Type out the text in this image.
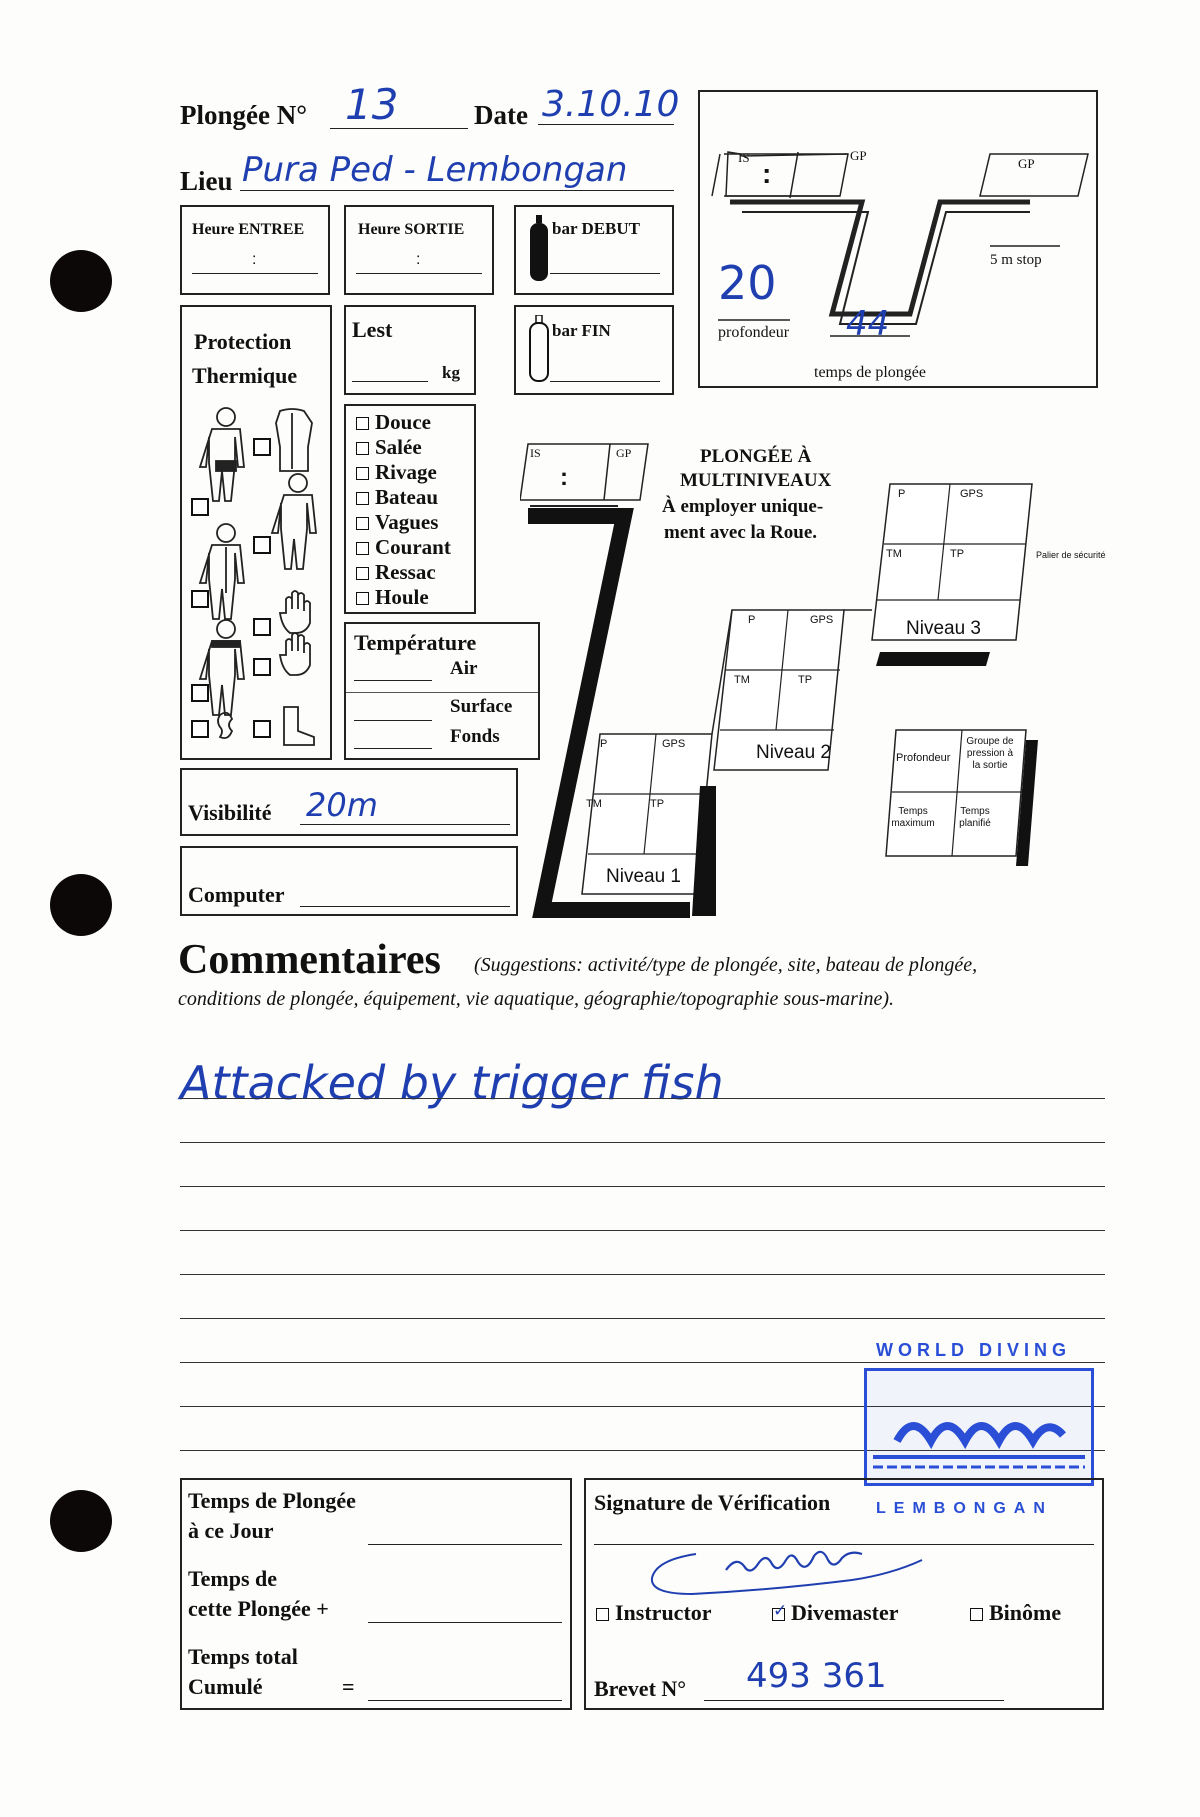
Plongée N° 13	Date 3.10.10
Lieu Pura Ped - Lembongan
Heure ENTREE
:
Heure SORTIE
:
bar DEBUT
IS
:
GP
GP
5 m stop
20
profondeur 44
temps de plongée
Protection
Thermique
Lest
kg
bar FIN
Douce
Salée
Rivage
Bateau
Vagues
Courant
Ressac
Houle
Température
Air
Surface
Fonds
Visibilité 20m
Computer
IS	GP
:
PLONGÉE À
MULTINIVEAUX
À employer unique-
ment avec la Roue.
P	GPS
TM	TP
Niveau 1
P	GPS
TM	TP
Niveau 2
P	GPS
TM	TP
Niveau 3
Palier de sécurité
Profondeur
Groupe de pression à la sortie
Temps maximum
Temps planifié
Commentaires (Suggestions: activité/type de plongée, site, bateau de plongée,
conditions de plongée, équipement, vie aquatique, géographie/topographie sous-marine).
Attacked by trigger fish
WORLD DIVING
LEMBONGAN
Temps de Plongée
à ce Jour
Temps de
cette Plongée +
Temps total
Cumulé	=
Signature de Vérification
Instructor
✓	Divemaster	Binôme
Brevet N° 493 361
